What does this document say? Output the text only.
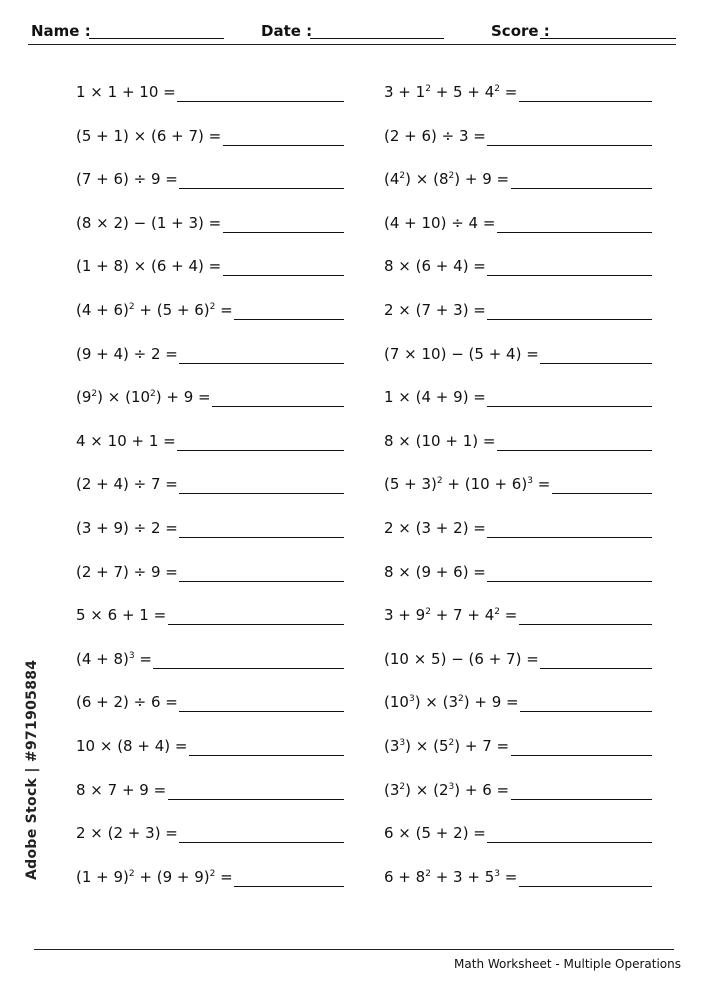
Name :	Date :	Score :
1 × 1 + 10 =
(5 + 1) × (6 + 7) =
(7 + 6) ÷ 9 =
(8 × 2) − (1 + 3) =
(1 + 8) × (6 + 4) =
$(4 + 6)^2 + (5 + 6)^2$ =
(9 + 4) ÷ 2 =
$(9^2) \times (10^2) + 9$ =
4 × 10 + 1 =
(2 + 4) ÷ 7 =
(3 + 9) ÷ 2 =
(2 + 7) ÷ 9 =
5 × 6 + 1 =
$(4 + 8)^3$ =
(6 + 2) ÷ 6 =
10 × (8 + 4) =
8 × 7 + 9 =
2 × (2 + 3) =
$(1 + 9)^2 + (9 + 9)^2$ =
$3 + 1^2 + 5 + 4^2$ =
(2 + 6) ÷ 3 =
$(4^2) \times (8^2) + 9$ =
(4 + 10) ÷ 4 =
8 × (6 + 4) =
2 × (7 + 3) =
(7 × 10) − (5 + 4) =
1 × (4 + 9) =
8 × (10 + 1) =
$(5 + 3)^2 + (10 + 6)^3$ =
2 × (3 + 2) =
8 × (9 + 6) =
$3 + 9^2 + 7 + 4^2$ =
(10 × 5) − (6 + 7) =
$(10^3) \times (3^2) + 9$ =
$(3^3) \times (5^2) + 7$ =
$(3^2) \times (2^3) + 6$ =
6 × (5 + 2) =
$6 + 8^2 + 3 + 5^3$ =
Math Worksheet - Multiple Operations
Adobe Stock | #971905884
